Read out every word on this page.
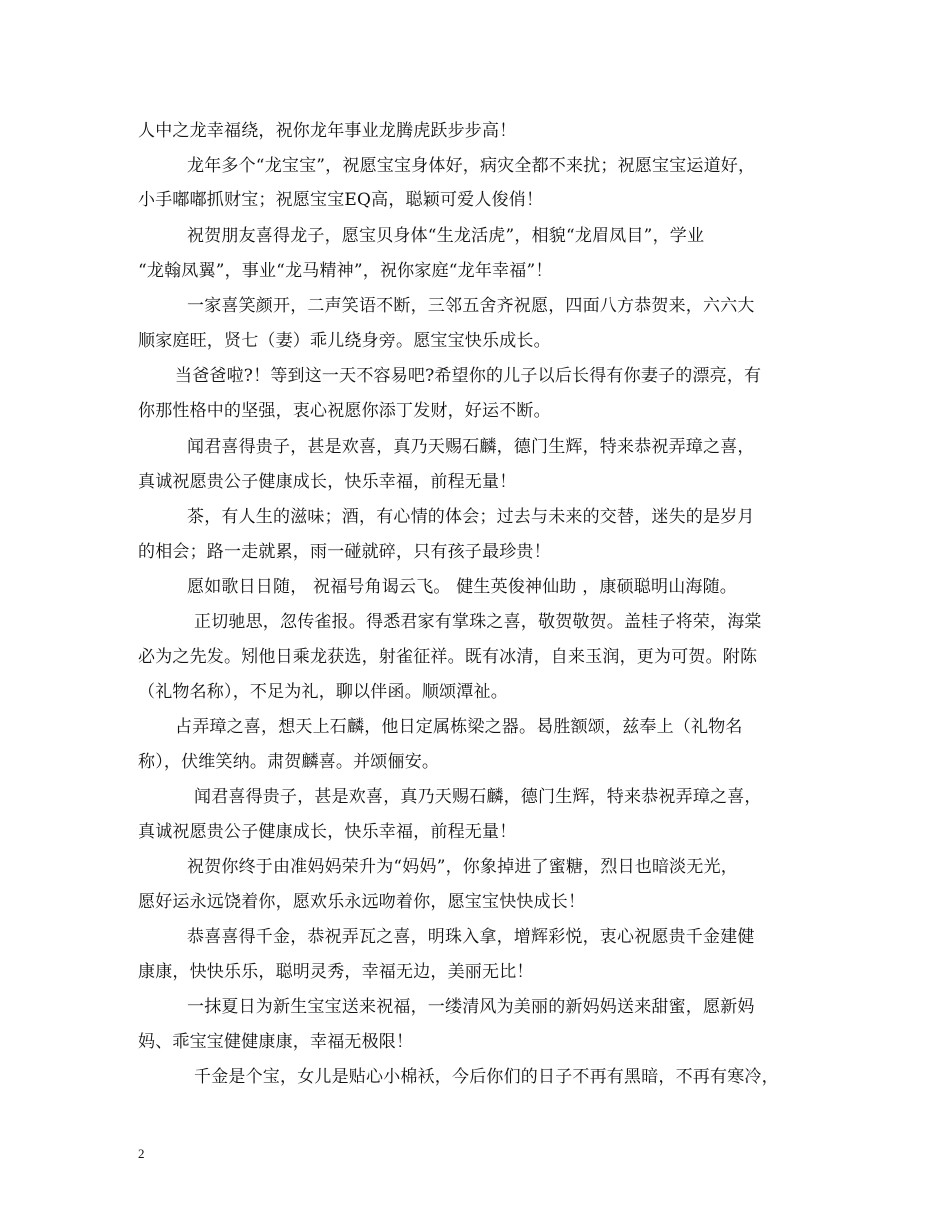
人中之龙幸福绕，祝你龙年事业龙腾虎跃步步高！
龙年多个“龙宝宝”，祝愿宝宝身体好，病灾全都不来扰；祝愿宝宝运道好，
小手嘟嘟抓财宝；祝愿宝宝EQ高，聪颖可爱人俊俏！
祝贺朋友喜得龙子，愿宝贝身体“生龙活虎”，相貌“龙眉凤目”，学业
“龙翰凤翼”，事业“龙马精神”，祝你家庭“龙年幸福”！
一家喜笑颜开，二声笑语不断，三邻五舍齐祝愿，四面八方恭贺来，六六大
顺家庭旺，贤七（妻）乖儿绕身旁。愿宝宝快乐成长。
当爸爸啦?！等到这一天不容易吧?希望你的儿子以后长得有你妻子的漂亮，有
你那性格中的坚强，衷心祝愿你添丁发财，好运不断。
闻君喜得贵子，甚是欢喜，真乃天赐石麟，德门生辉，特来恭祝弄璋之喜，
真诚祝愿贵公子健康成长，快乐幸福，前程无量！
茶，有人生的滋味；酒，有心情的体会；过去与未来的交替，迷失的是岁月
的相会；路一走就累，雨一碰就碎，只有孩子最珍贵！
愿如歌日日随， 祝福号角谒云飞。 健生英俊神仙助 ，康硕聪明山海随。
正切驰思，忽传雀报。得悉君家有掌珠之喜，敬贺敬贺。盖桂子将荣，海棠
必为之先发。矧他日乘龙获选，射雀征祥。既有冰清，自来玉润，更为可贺。附陈
（礼物名称），不足为礼，聊以伴函。顺颂潭祉。
占弄璋之喜，想天上石麟，他日定属栋梁之器。曷胜额颂，兹奉上（礼物名
称），伏维笑纳。肃贺麟喜。并颂俪安。
闻君喜得贵子，甚是欢喜，真乃天赐石麟，德门生辉，特来恭祝弄璋之喜，
真诚祝愿贵公子健康成长，快乐幸福，前程无量！
祝贺你终于由准妈妈荣升为“妈妈”，你象掉进了蜜糖，烈日也暗淡无光，
愿好运永远饶着你，愿欢乐永远吻着你，愿宝宝快快成长！
恭喜喜得千金，恭祝弄瓦之喜，明珠入拿，增辉彩悦，衷心祝愿贵千金建健
康康，快快乐乐，聪明灵秀，幸福无边，美丽无比！
一抹夏日为新生宝宝送来祝福，一缕清风为美丽的新妈妈送来甜蜜，愿新妈
妈、乖宝宝健健康康，幸福无极限！
千金是个宝，女儿是贴心小棉袄，今后你们的日子不再有黑暗，不再有寒冷，
2
